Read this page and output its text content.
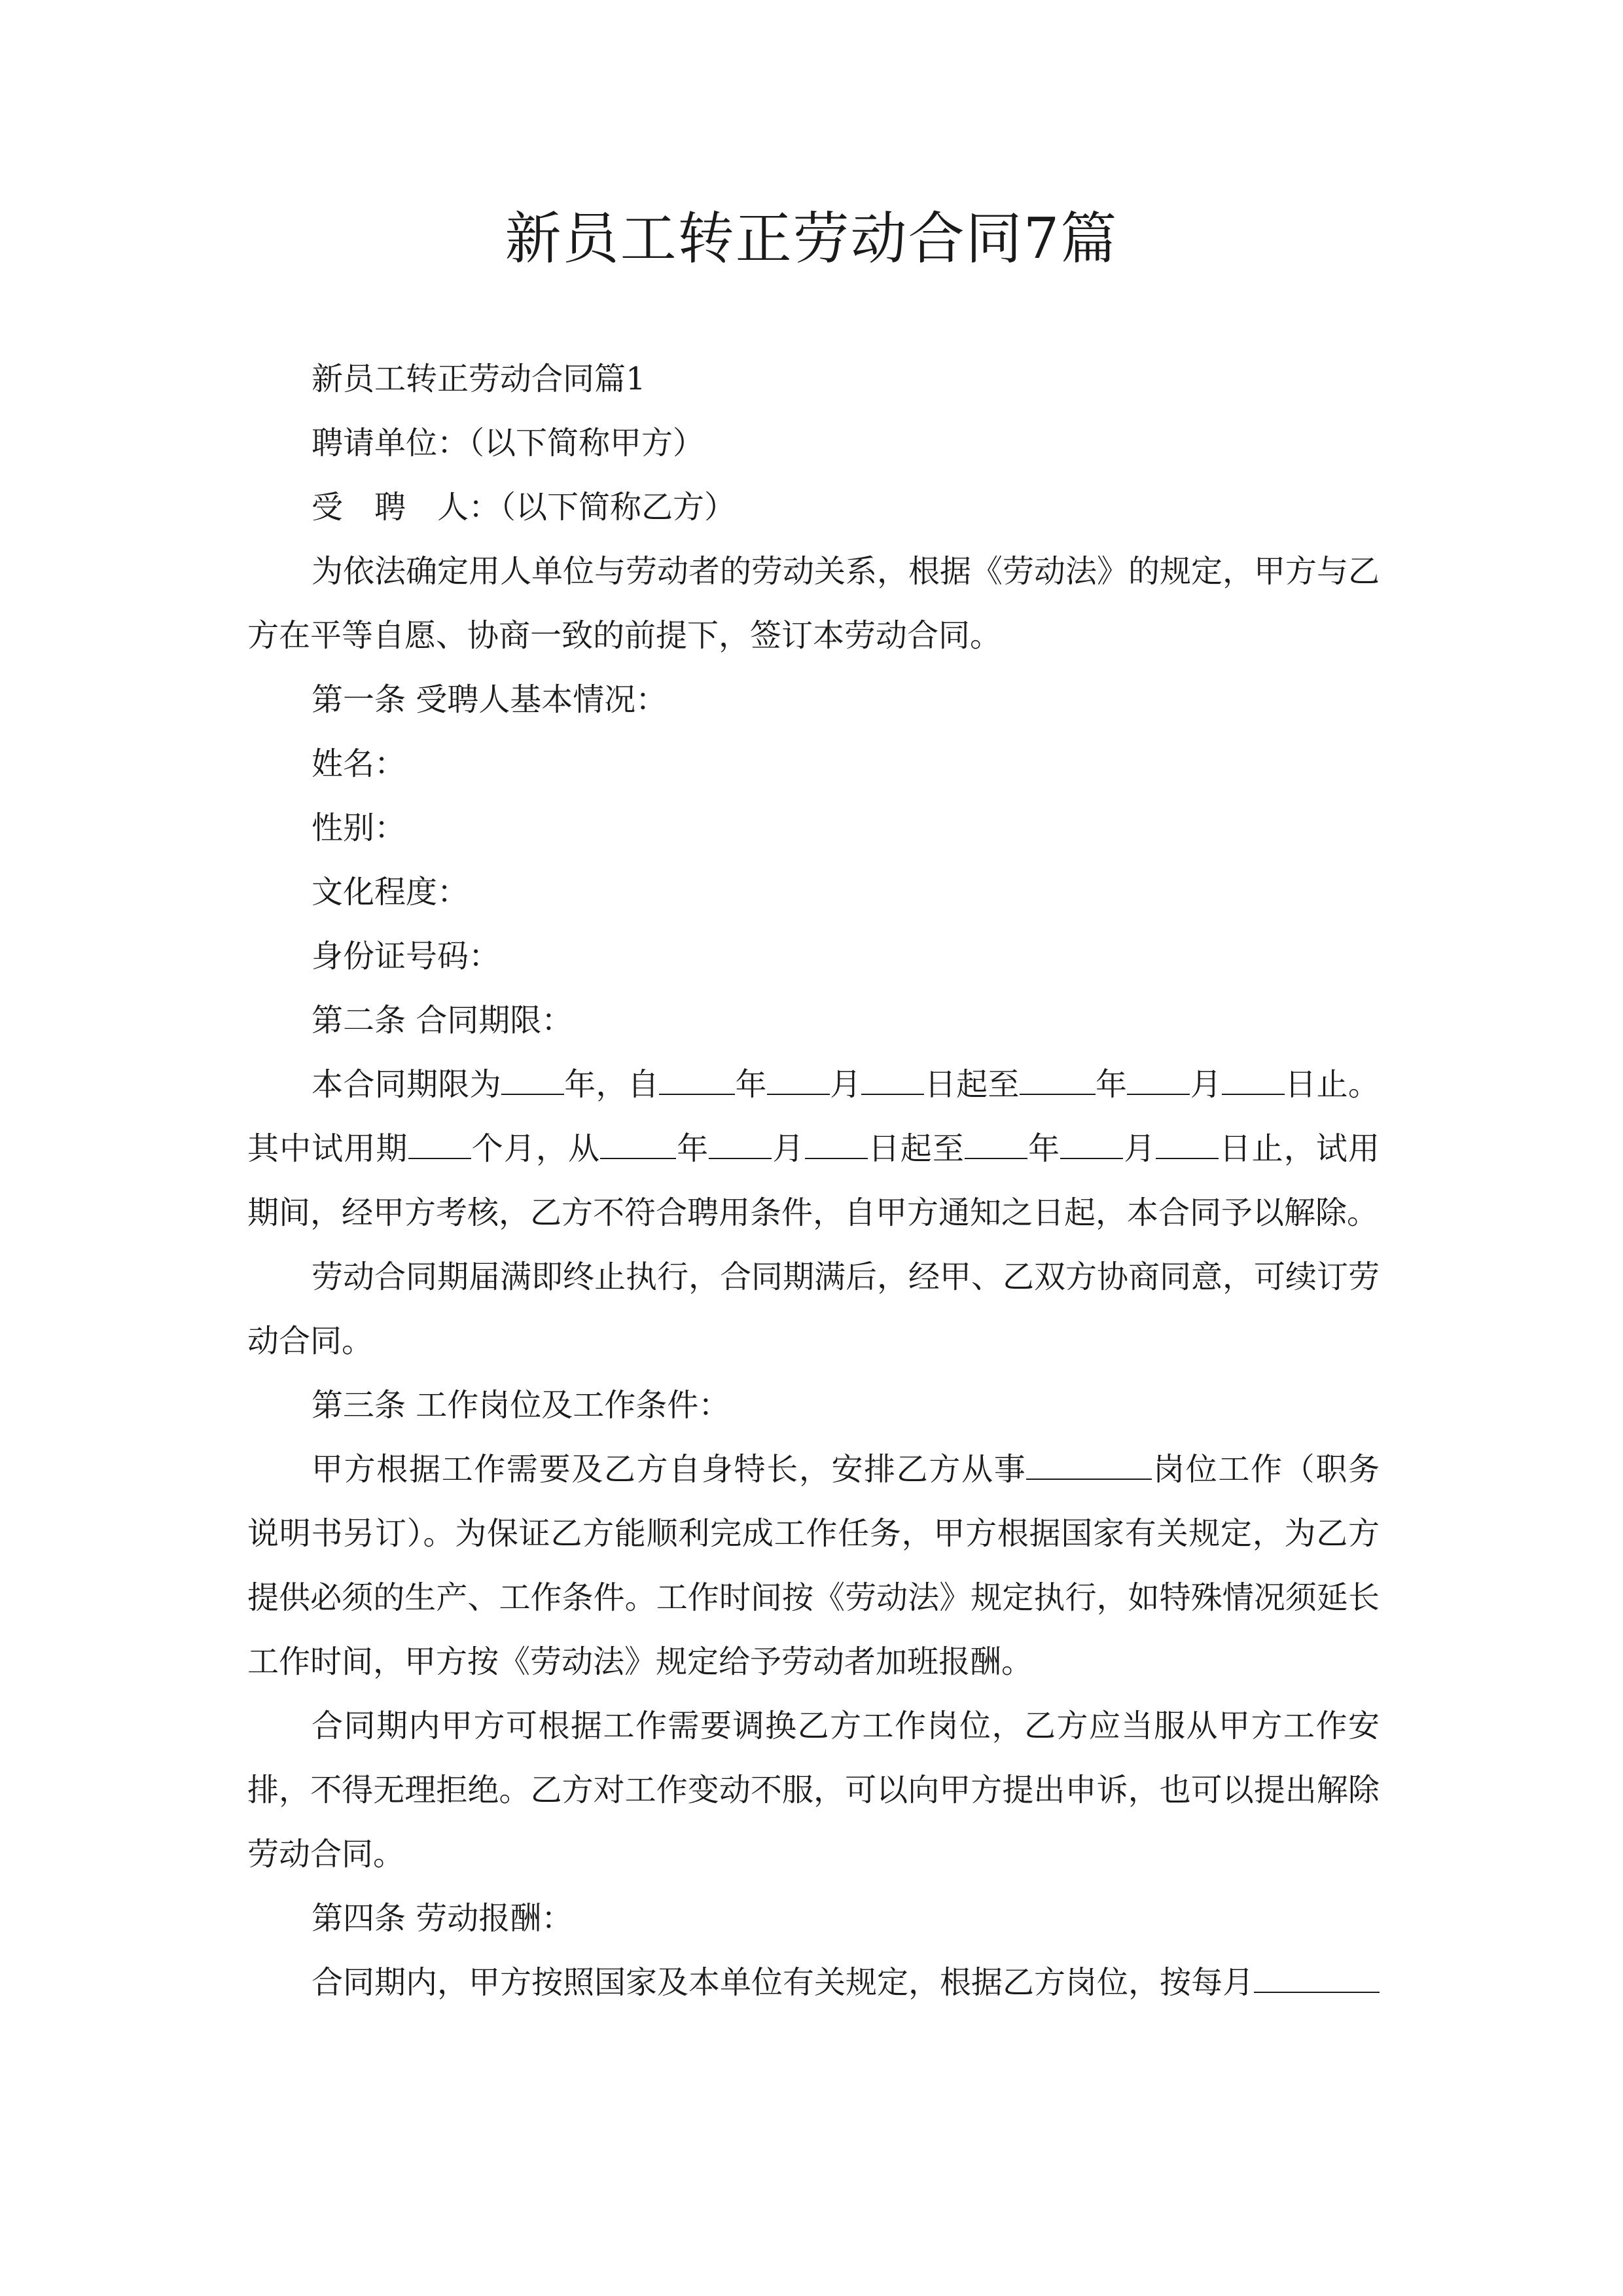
新员工转正劳动合同7篇

新员工转正劳动合同篇1

聘请单位：（以下简称甲方）

受　聘　人：（以下简称乙方）

为依法确定用人单位与劳动者的劳动关系，根据《劳动法》的规定，甲方与乙方在平等自愿、协商一致的前提下，签订本劳动合同。

第一条 受聘人基本情况：

姓名：

性别：

文化程度：

身份证号码：

第二条 合同期限：

本合同期限为 年，自 年 月 日起至 年 月 日止。其中试用期 个月，从 年 月 日起至 年 月 日止，试用期间，经甲方考核，乙方不符合聘用条件，自甲方通知之日起，本合同予以解除。

劳动合同期届满即终止执行，合同期满后，经甲、乙双方协商同意，可续订劳动合同。

第三条 工作岗位及工作条件：

甲方根据工作需要及乙方自身特长，安排乙方从事	岗位工作（职务说明书另订）。为保证乙方能顺利完成工作任务，甲方根据国家有关规定，为乙方提供必须的生产、工作条件。工作时间按《劳动法》规定执行，如特殊情况须延长工作时间，甲方按《劳动法》规定给予劳动者加班报酬。

合同期内甲方可根据工作需要调换乙方工作岗位，乙方应当服从甲方工作安排，不得无理拒绝。乙方对工作变动不服，可以向甲方提出申诉，也可以提出解除劳动合同。

第四条 劳动报酬：

合同期内，甲方按照国家及本单位有关规定，根据乙方岗位，按每月
